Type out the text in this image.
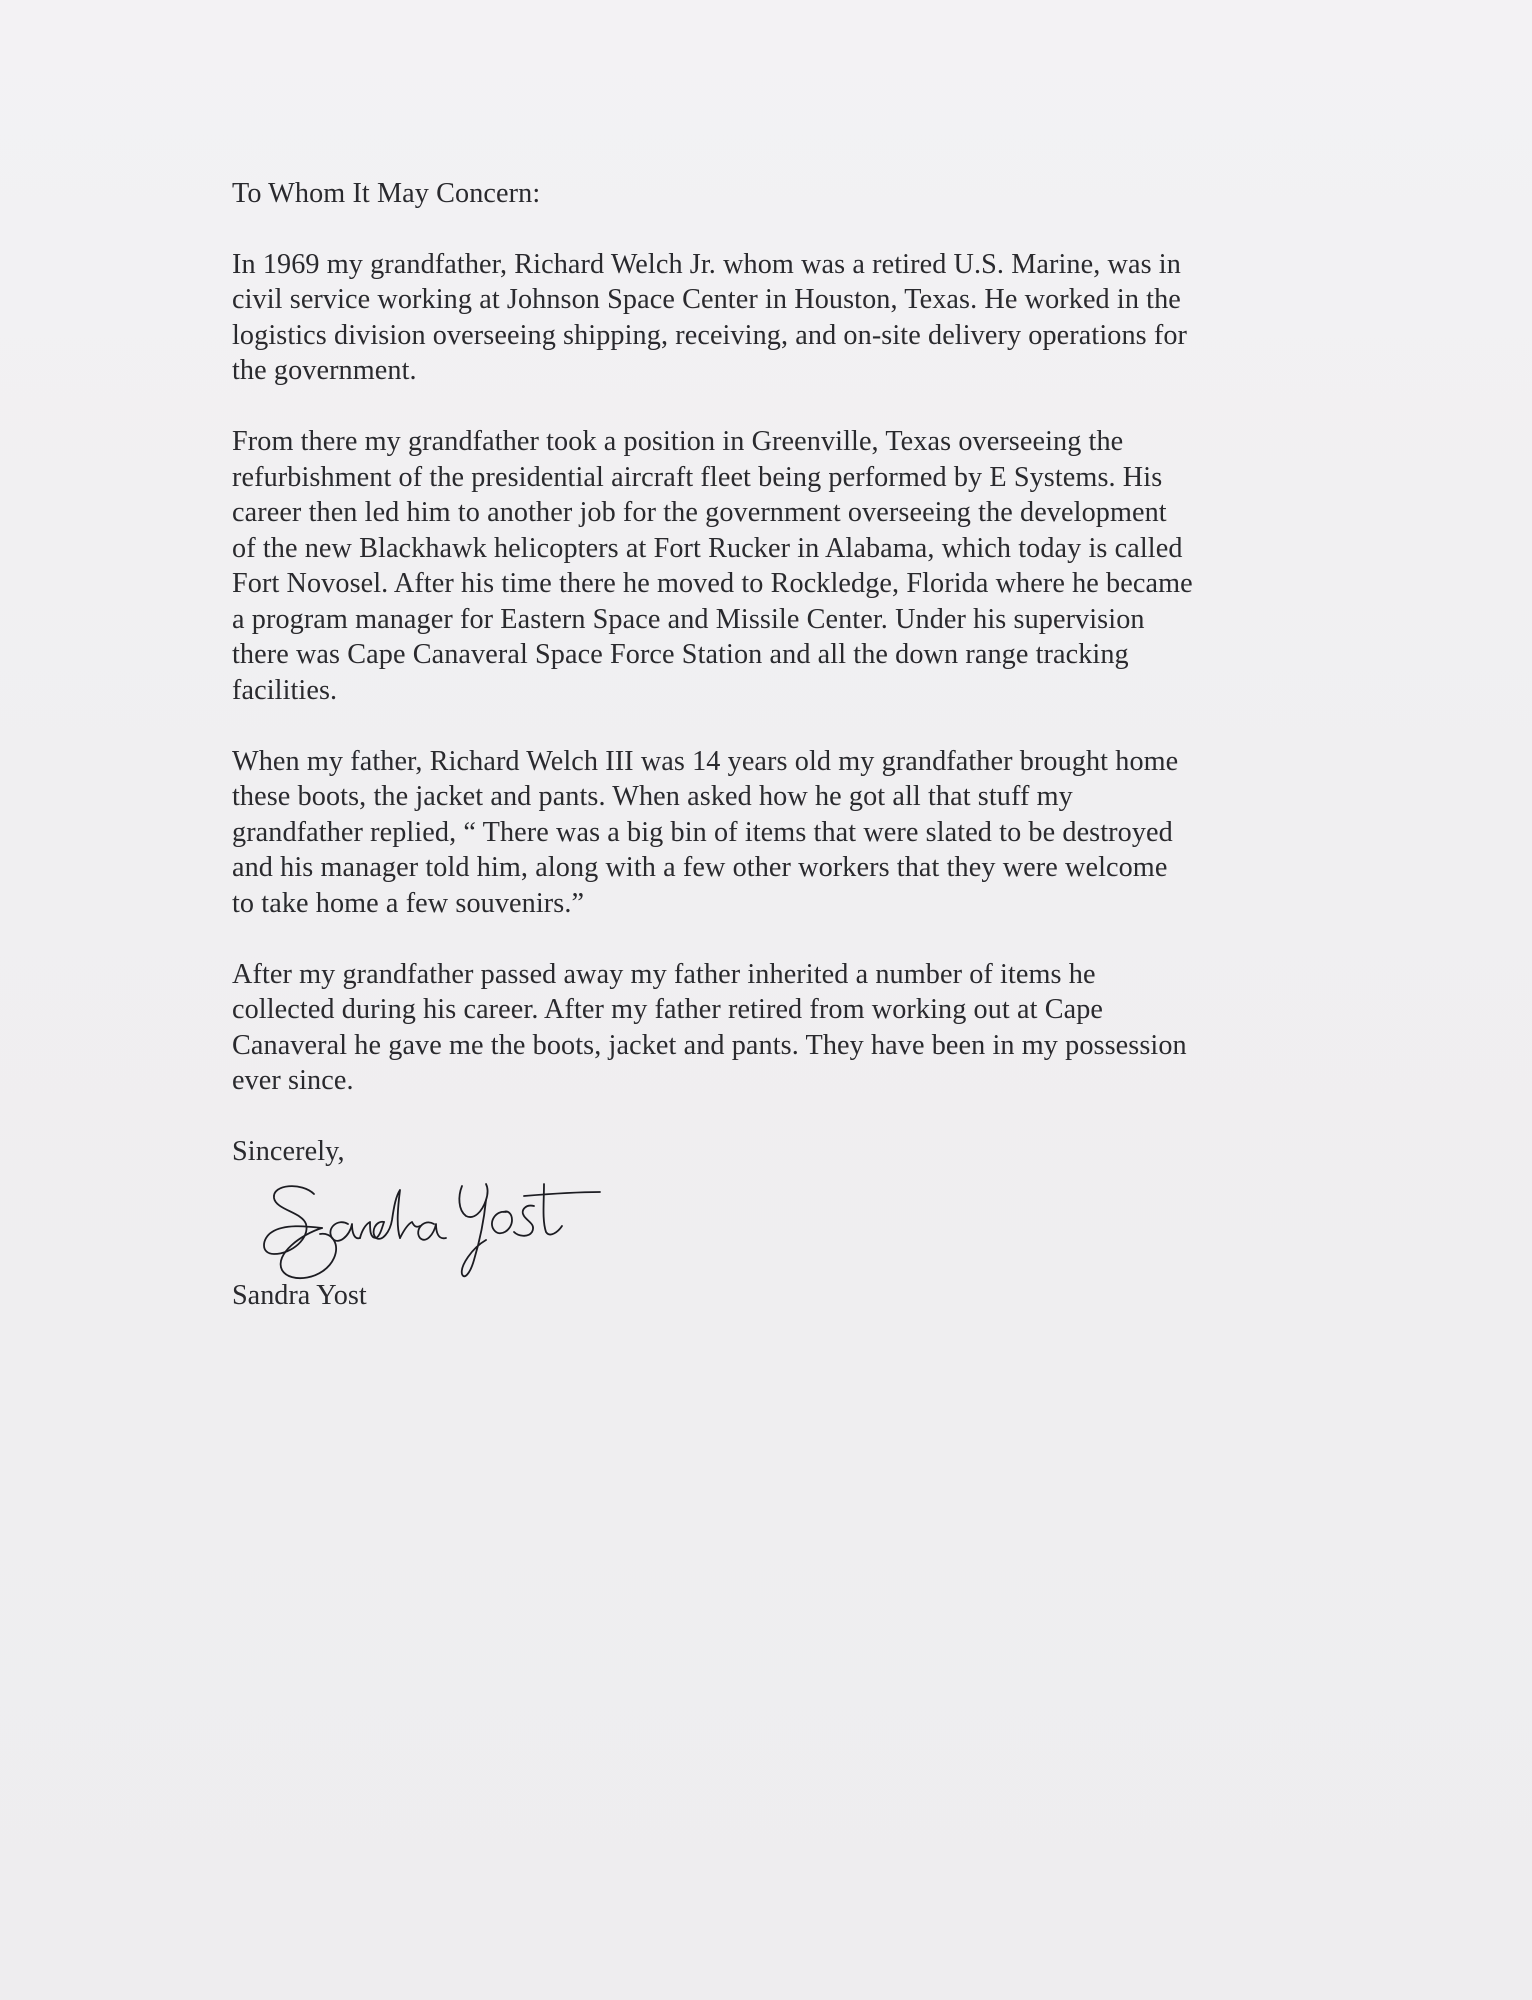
To Whom It May Concern:

In 1969 my grandfather, Richard Welch Jr. whom was a retired U.S. Marine, was in
civil service working at Johnson Space Center in Houston, Texas. He worked in the
logistics division overseeing shipping, receiving, and on-site delivery operations for
the government.

From there my grandfather took a position in Greenville, Texas overseeing the
refurbishment of the presidential aircraft fleet being performed by E Systems. His
career then led him to another job for the government overseeing the development
of the new Blackhawk helicopters at Fort Rucker in Alabama, which today is called
Fort Novosel. After his time there he moved to Rockledge, Florida where he became
a program manager for Eastern Space and Missile Center. Under his supervision
there was Cape Canaveral Space Force Station and all the down range tracking
facilities.

When my father, Richard Welch III was 14 years old my grandfather brought home
these boots, the jacket and pants. When asked how he got all that stuff my
grandfather replied, “ There was a big bin of items that were slated to be destroyed
and his manager told him, along with a few other workers that they were welcome
to take home a few souvenirs.”

After my grandfather passed away my father inherited a number of items he
collected during his career. After my father retired from working out at Cape
Canaveral he gave me the boots, jacket and pants. They have been in my possession
ever since.

Sincerely,

Sandra Yost
